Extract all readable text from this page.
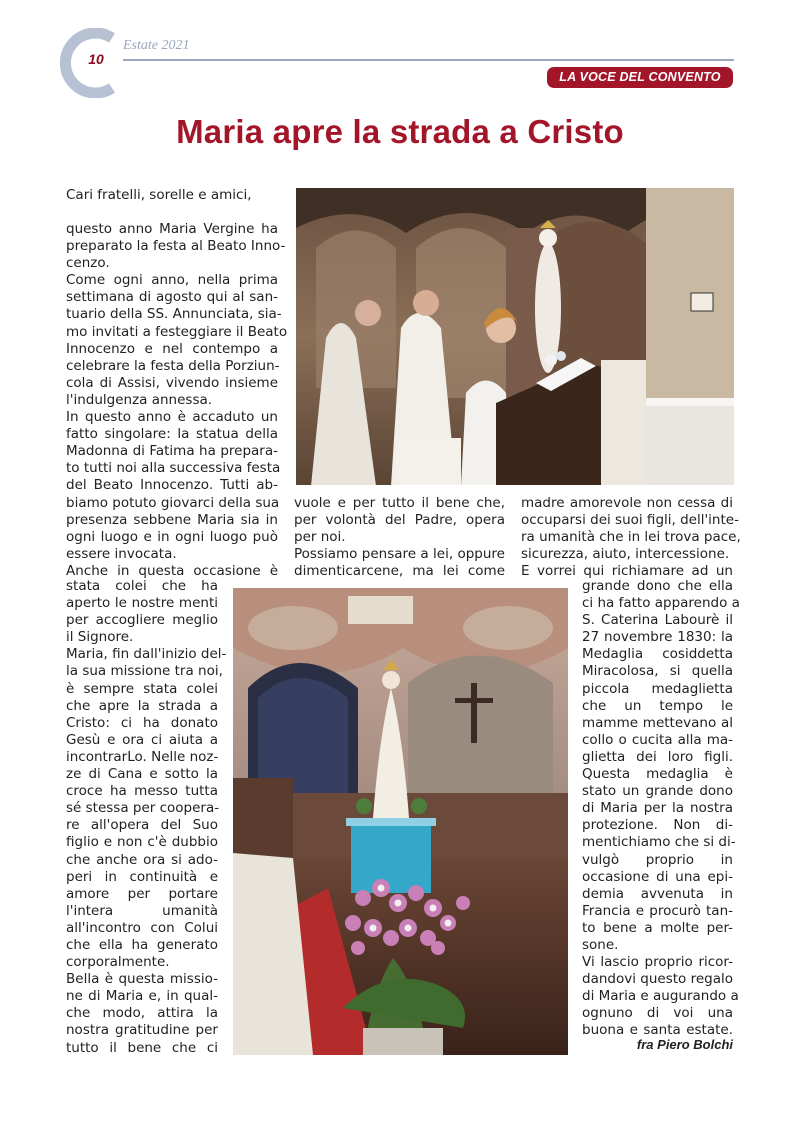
10
Estate 2021
LA VOCE DEL CONVENTO
Maria apre la strada a Cristo
Cari fratelli, sorelle e amici,
questo anno Maria Vergine ha
preparato la festa al Beato Inno-
cenzo.
Come ogni anno, nella prima
settimana di agosto qui al san-
tuario della SS. Annunciata, sia-
mo invitati a festeggiare il Beato
Innocenzo e nel contempo a
celebrare la festa della Porziun-
cola di Assisi, vivendo insieme
l'indulgenza annessa.
In questo anno è accaduto un
fatto singolare: la statua della
Madonna di Fatima ha prepara-
to tutti noi alla successiva festa
del Beato Innocenzo. Tutti ab-
biamo potuto giovarci della sua
presenza sebbene Maria sia in
ogni luogo e in ogni luogo può
essere invocata.
Anche in questa occasione è
stata colei che ha
aperto le nostre menti
per accogliere meglio
il Signore.
Maria, fin dall'inizio del-
la sua missione tra noi,
è sempre stata colei
che apre la strada a
Cristo: ci ha donato
Gesù e ora ci aiuta a
incontrarLo. Nelle noz-
ze di Cana e sotto la
croce ha messo tutta
sé stessa per coopera-
re all'opera del Suo
figlio e non c'è dubbio
che anche ora si ado-
peri in continuità e
amore per portare
l'intera umanità
all'incontro con Colui
che ella ha generato
corporalmente.
Bella è questa missio-
ne di Maria e, in qual-
che modo, attira la
nostra gratitudine per
tutto il bene che ci
vuole e per tutto il bene che,
per volontà del Padre, opera
per noi.
Possiamo pensare a lei, oppure
dimenticarcene, ma lei come
madre amorevole non cessa di
occuparsi dei suoi figli, dell'inte-
ra umanità che in lei trova pace,
sicurezza, aiuto, intercessione.
E vorrei qui richiamare ad un
grande dono che ella
ci ha fatto apparendo a
S. Caterina Labourè il
27 novembre 1830: la
Medaglia cosiddetta
Miracolosa, si quella
piccola medaglietta
che un tempo le
mamme mettevano al
collo o cucita alla ma-
glietta dei loro figli.
Questa medaglia è
stato un grande dono
di Maria per la nostra
protezione. Non di-
mentichiamo che si di-
vulgò proprio in
occasione di una epi-
demia avvenuta in
Francia e procurò tan-
to bene a molte per-
sone.
Vi lascio proprio ricor-
dandovi questo regalo
di Maria e augurando a
ognuno di voi una
buona e santa estate.
fra Piero Bolchi
